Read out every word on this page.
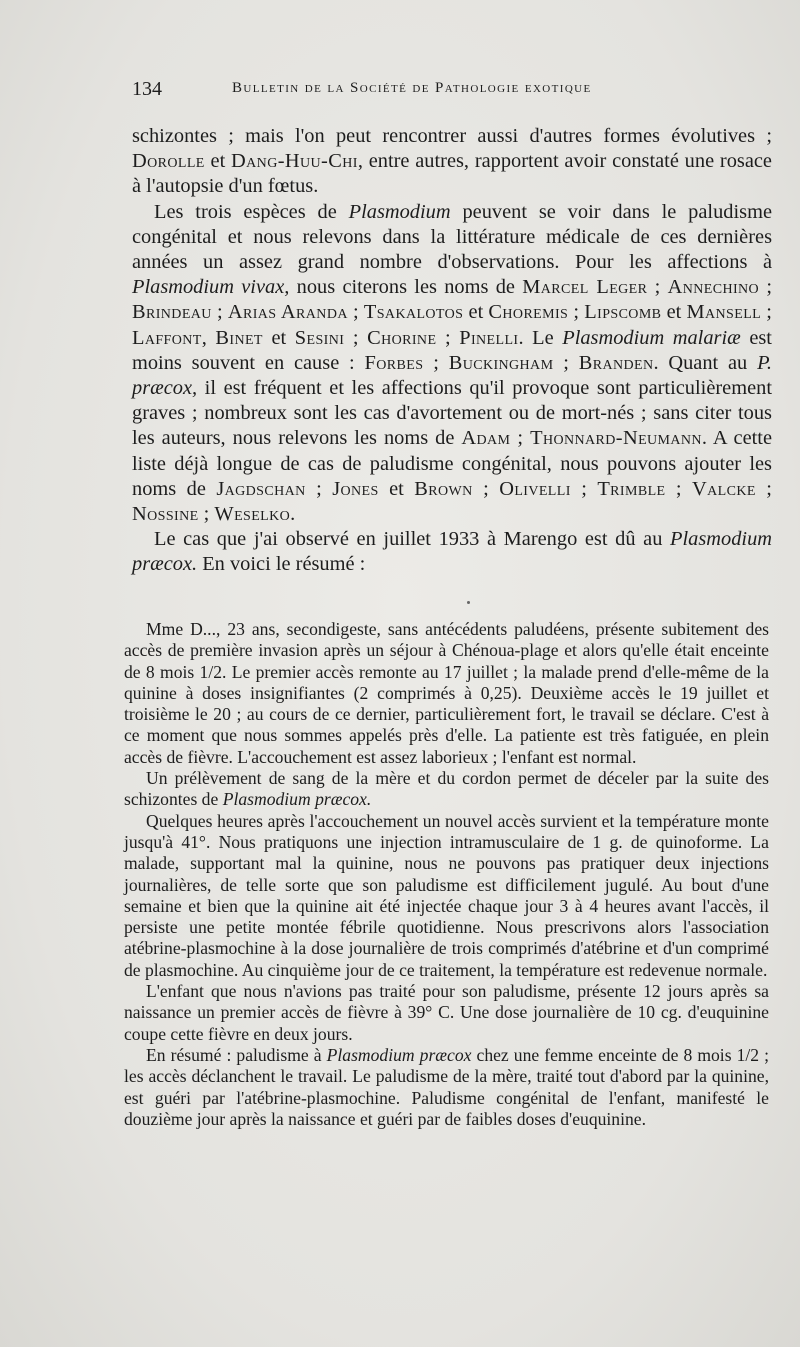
134	Bulletin de la Société de Pathologie exotique

schizontes ; mais l'on peut rencontrer aussi d'autres formes évolutives ; Dorolle et Dang-Huu-Chi, entre autres, rapportent avoir constaté une rosace à l'autopsie d'un fœtus.

Les trois espèces de Plasmodium peuvent se voir dans le paludisme congénital et nous relevons dans la littérature médicale de ces dernières années un assez grand nombre d'observations. Pour les affections à Plasmodium vivax, nous citerons les noms de Marcel Leger ; Annechino ; Brindeau ; Arias Aranda ; Tsakalotos et Choremis ; Lipscomb et Mansell ; Laffont, Binet et Sesini ; Chorine ; Pinelli. Le Plasmodium malariæ est moins souvent en cause : Forbes ; Buckingham ; Branden. Quant au P. præcox, il est fréquent et les affections qu'il provoque sont particulièrement graves ; nombreux sont les cas d'avortement ou de mort-nés ; sans citer tous les auteurs, nous relevons les noms de Adam ; Thonnard-Neumann. A cette liste déjà longue de cas de paludisme congénital, nous pouvons ajouter les noms de Jagdschan ; Jones et Brown ; Olivelli ; Trimble ; Valcke ; Nossine ; Weselko.

Le cas que j'ai observé en juillet 1933 à Marengo est dû au Plasmodium præcox. En voici le résumé :

Mme D..., 23 ans, secondigeste, sans antécédents paludéens, présente subitement des accès de première invasion après un séjour à Chénoua-plage et alors qu'elle était enceinte de 8 mois 1/2. Le premier accès remonte au 17 juillet ; la malade prend d'elle-même de la quinine à doses insignifiantes (2 comprimés à 0,25). Deuxième accès le 19 juillet et troisième le 20 ; au cours de ce dernier, particulièrement fort, le travail se déclare. C'est à ce moment que nous sommes appelés près d'elle. La patiente est très fatiguée, en plein accès de fièvre. L'accouchement est assez laborieux ; l'enfant est normal.

Un prélèvement de sang de la mère et du cordon permet de déceler par la suite des schizontes de Plasmodium præcox.

Quelques heures après l'accouchement un nouvel accès survient et la température monte jusqu'à 41°. Nous pratiquons une injection intramusculaire de 1 g. de quinoforme. La malade, supportant mal la quinine, nous ne pouvons pas pratiquer deux injections journalières, de telle sorte que son paludisme est difficilement jugulé. Au bout d'une semaine et bien que la quinine ait été injectée chaque jour 3 à 4 heures avant l'accès, il persiste une petite montée fébrile quotidienne. Nous prescrivons alors l'association atébrine-plasmochine à la dose journalière de trois comprimés d'atébrine et d'un comprimé de plasmochine. Au cinquième jour de ce traitement, la température est redevenue normale.

L'enfant que nous n'avions pas traité pour son paludisme, présente 12 jours après sa naissance un premier accès de fièvre à 39° C. Une dose journalière de 10 cg. d'euquinine coupe cette fièvre en deux jours.

En résumé : paludisme à Plasmodium præcox chez une femme enceinte de 8 mois 1/2 ; les accès déclanchent le travail. Le paludisme de la mère, traité tout d'abord par la quinine, est guéri par l'atébrine-plasmochine. Paludisme congénital de l'enfant, manifesté le douzième jour après la naissance et guéri par de faibles doses d'euquinine.
